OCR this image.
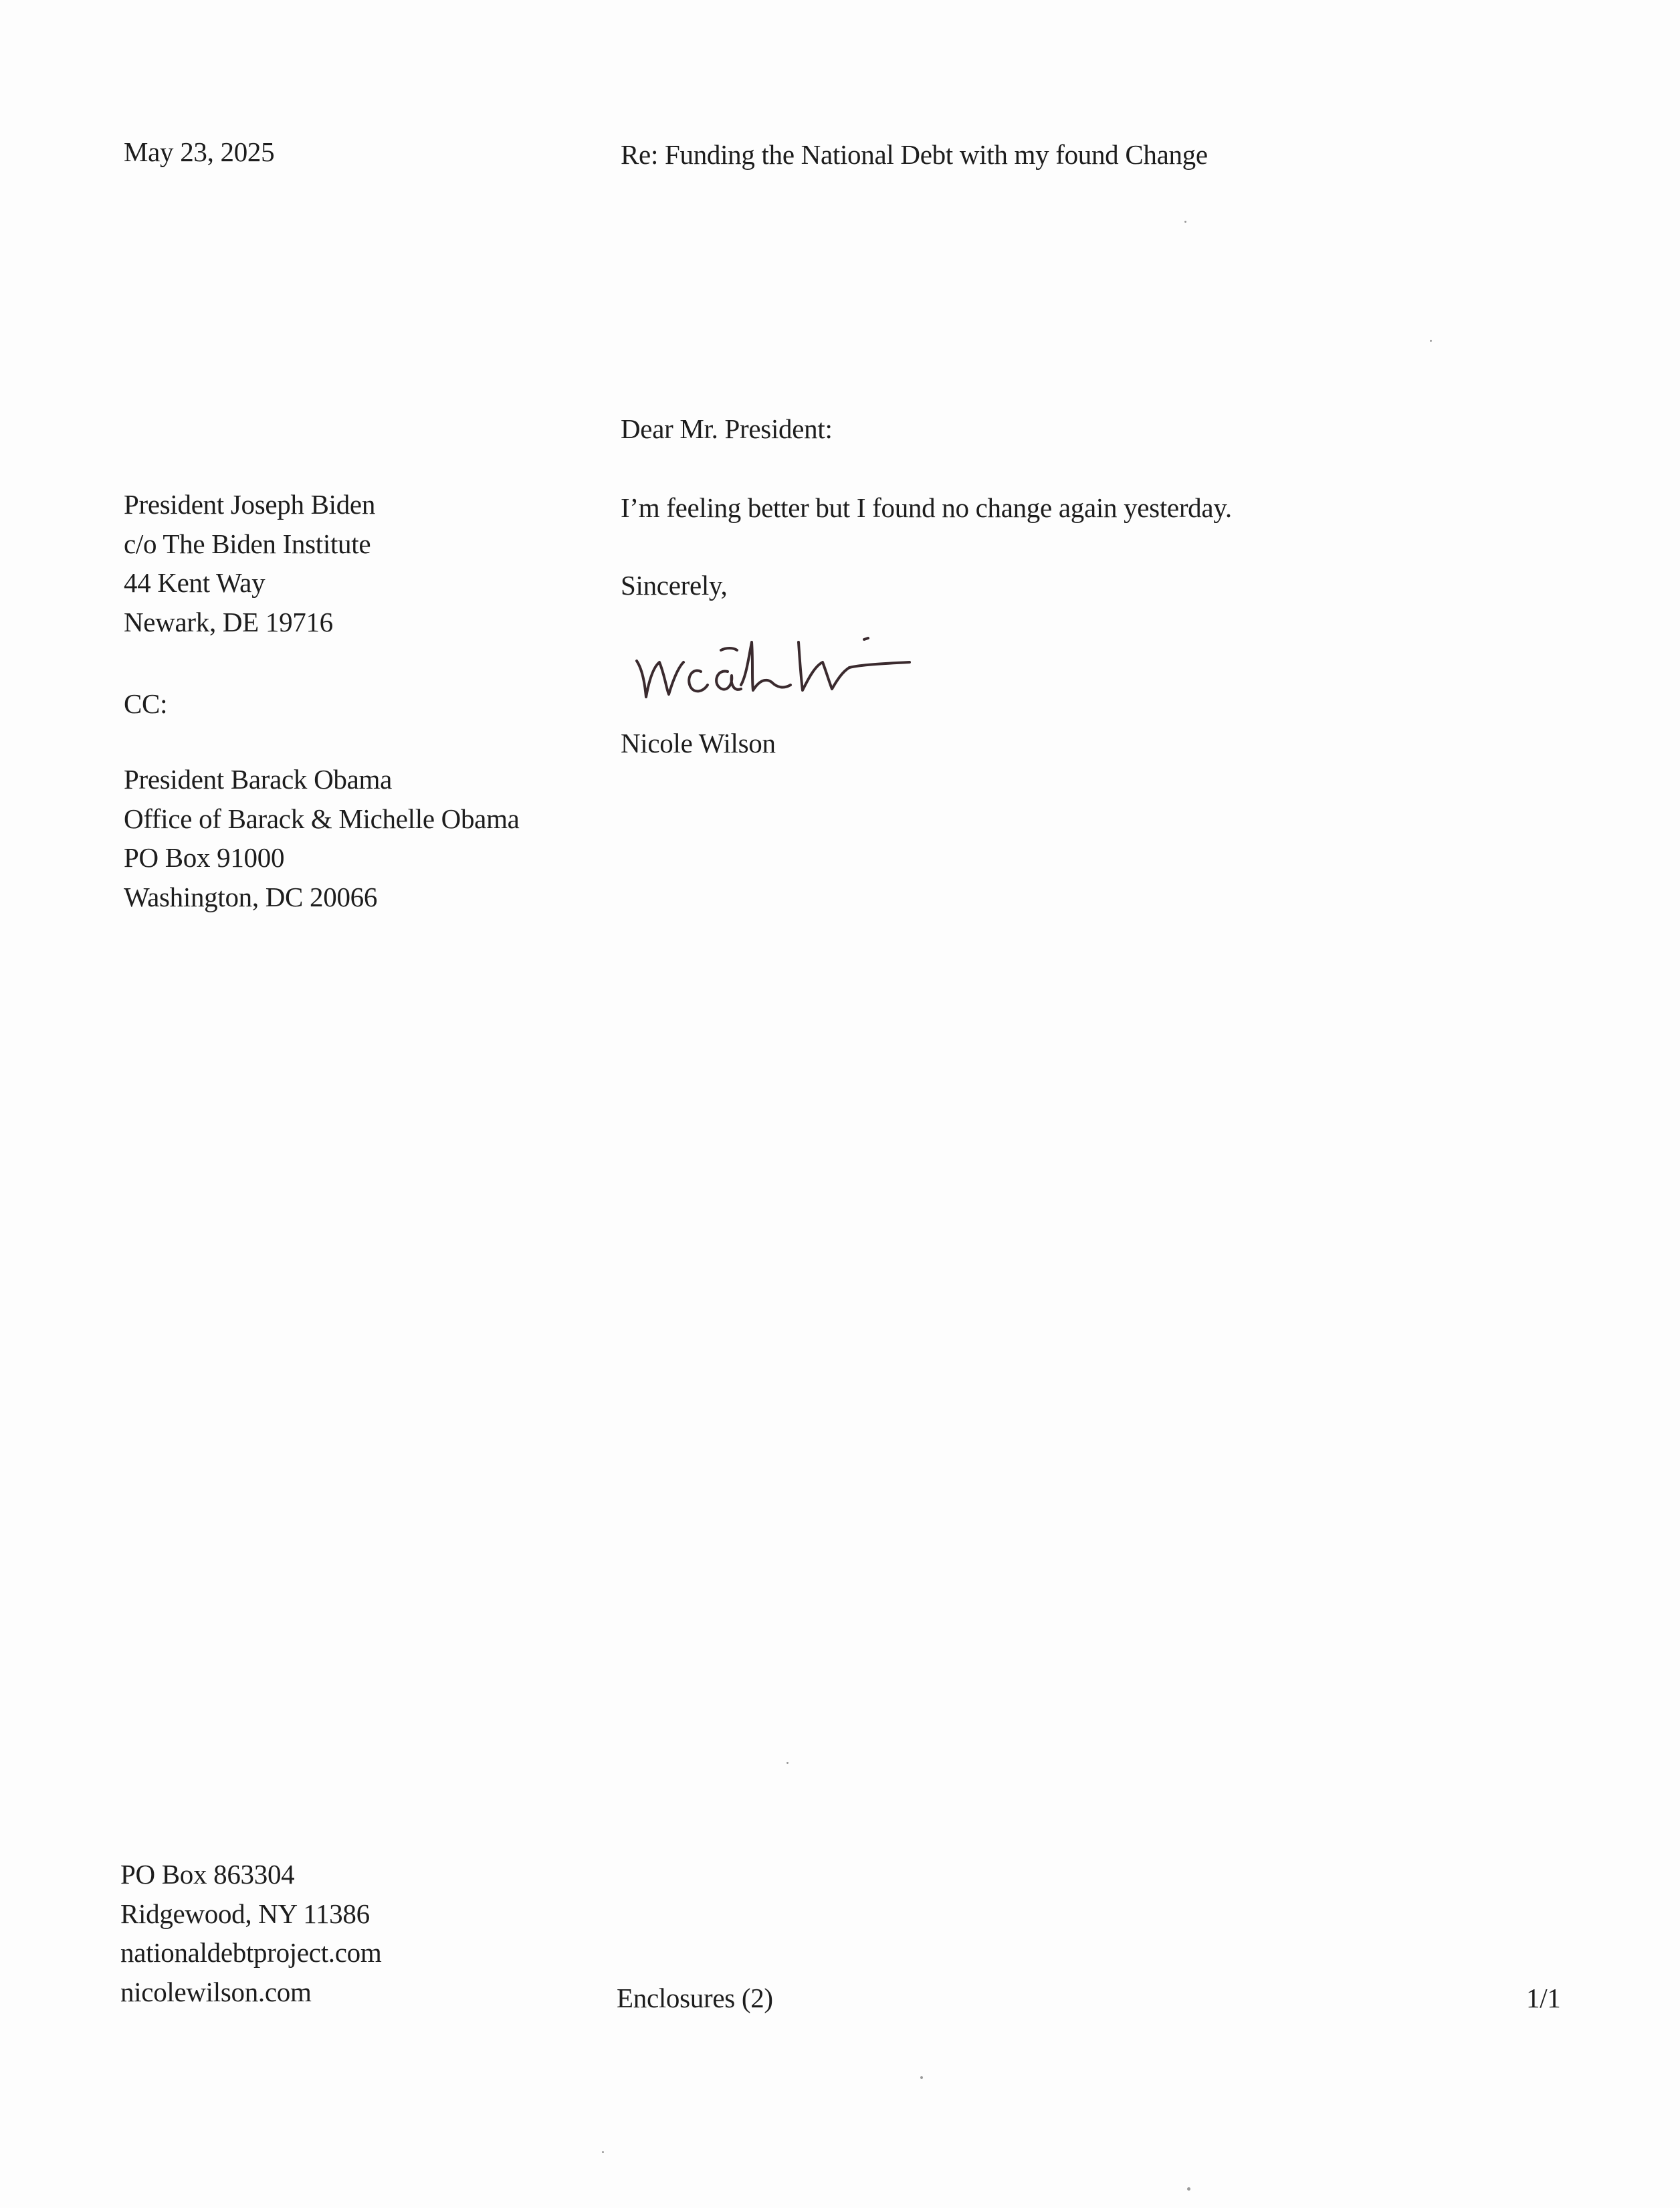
May 23, 2025	Re: Funding the National Debt with my found Change
Dear Mr. President:
President Joseph Biden
c/o The Biden Institute
44 Kent Way
Newark, DE 19716
I’m feeling better but I found no change again yesterday.
Sincerely,
Nicole Wilson
CC:
President Barack Obama
Office of Barack & Michelle Obama
PO Box 91000
Washington, DC 20066
PO Box 863304
Ridgewood, NY 11386
nationaldebtproject.com
nicolewilson.com	Enclosures (2)	1/1
